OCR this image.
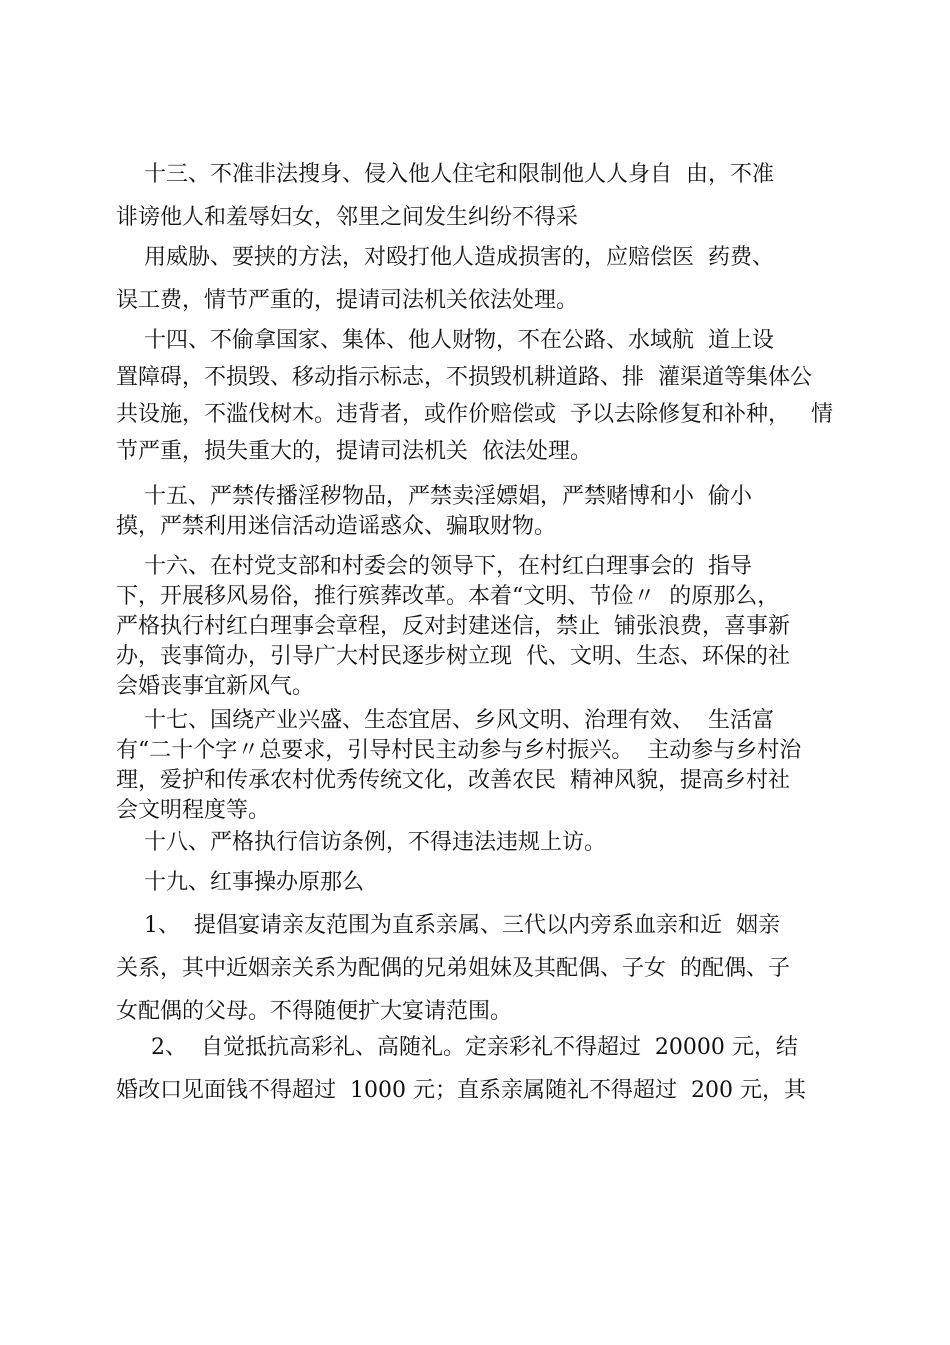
十三、不准非法搜身、侵入他人住宅和限制他人人身自  由，不准
诽谤他人和羞辱妇女，邻里之间发生纠纷不得采
用威胁、要挟的方法，对殴打他人造成损害的，应赔偿医  药费、
误工费，情节严重的，提请司法机关依法处理。
十四、不偷拿国家、集体、他人财物，不在公路、水域航  道上设
置障碍，不损毁、移动指示标志，不损毁机耕道路、排  灌渠道等集体公
共设施，不滥伐树木。违背者，或作价赔偿或  予以去除修复和补种，   情
节严重，损失重大的，提请司法机关  依法处理。
十五、严禁传播淫秽物品，严禁卖淫嫖娼，严禁赌博和小  偷小
摸，严禁利用迷信活动造谣惑众、骗取财物。
十六、在村党支部和村委会的领导下，在村红白理事会的  指导
下，开展移风易俗，推行殡葬改革。本着“文明、节俭〃  的原那么，
严格执行村红白理事会章程，反对封建迷信，禁止  铺张浪费，喜事新
办，丧事简办，引导广大村民逐步树立现  代、文明、生态、环保的社
会婚丧事宜新风气。
十七、国绕产业兴盛、生态宜居、乡风文明、治理有效、  生活富
有“二十个字〃总要求，引导村民主动参与乡村振兴。  主动参与乡村治
理，爱护和传承农村优秀传统文化，改善农民  精神风貌，提高乡村社
会文明程度等。
十八、严格执行信访条例，不得违法违规上访。
十九、红事操办原那么
1、  提倡宴请亲友范围为直系亲属、三代以内旁系血亲和近  姻亲
关系，其中近姻亲关系为配偶的兄弟姐妹及其配偶、子女  的配偶、子
女配偶的父母。不得随便扩大宴请范围。
2、  自觉抵抗高彩礼、高随礼。定亲彩礼不得超过  20000 元，结
婚改口见面钱不得超过  1000 元；直系亲属随礼不得超过  200 元，其
